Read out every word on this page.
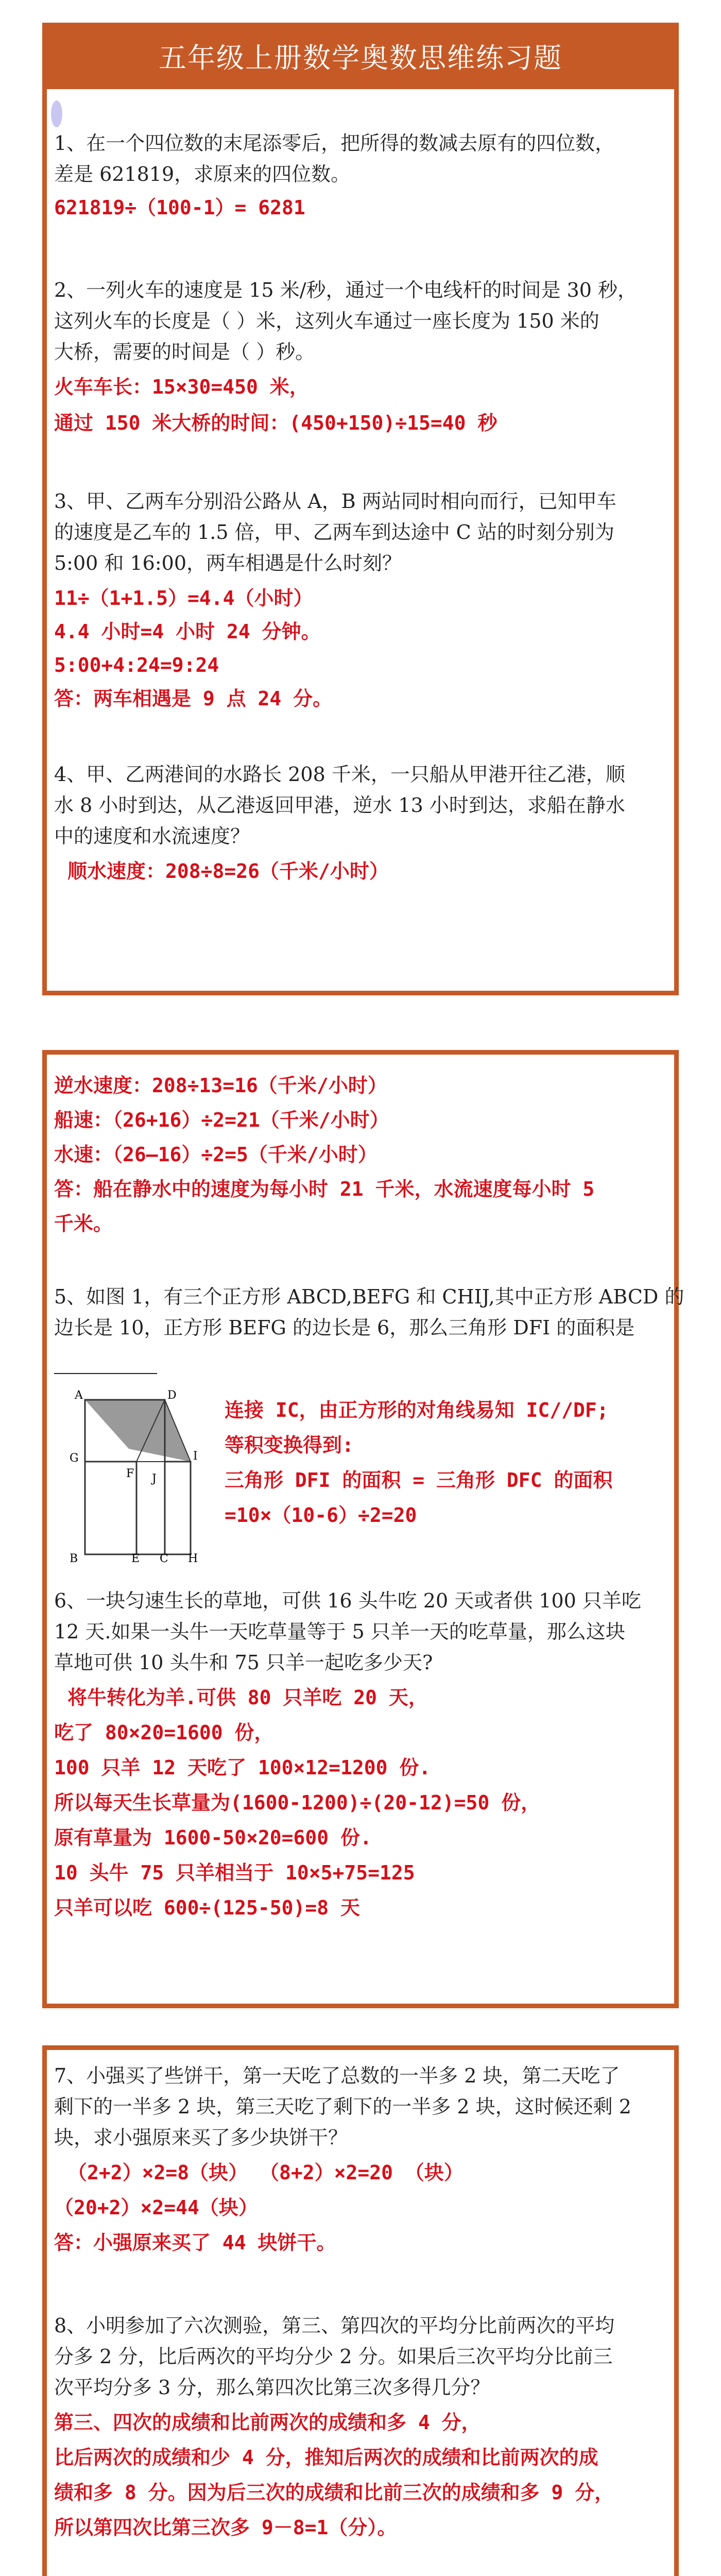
五年级上册数学奥数思维练习题
1、在一个四位数的末尾添零后，把所得的数减去原有的四位数，
差是 621819，求原来的四位数。
621819÷（100-1）= 6281
2、一列火车的速度是 15 米/秒，通过一个电线杆的时间是 30 秒，
这列火车的长度是（ ）米，这列火车通过一座长度为 150 米的
大桥，需要的时间是（ ）秒。
火车车长：15×30=450 米，
通过 150 米大桥的时间：(450+150)÷15=40 秒
3、甲、乙两车分别沿公路从 A，B 两站同时相向而行，已知甲车
的速度是乙车的 1.5 倍，甲、乙两车到达途中 C 站的时刻分别为
5:00 和 16:00，两车相遇是什么时刻？
11÷（1+1.5）=4.4（小时）
4.4 小时=4 小时 24 分钟。
5:00+4:24=9:24
答：两车相遇是 9 点 24 分。
4、甲、乙两港间的水路长 208 千米，一只船从甲港开往乙港，顺
水 8 小时到达，从乙港返回甲港，逆水 13 小时到达，求船在静水
中的速度和水流速度？
顺水速度：208÷8=26（千米/小时）
逆水速度：208÷13=16（千米/小时）
船速：（26+16）÷2=21（千米/小时）
水速：（26—16）÷2=5（千米/小时）
答：船在静水中的速度为每小时 21 千米，水流速度每小时 5
千米。
5、如图 1，有三个正方形 ABCD,BEFG 和 CHIJ,其中正方形 ABCD 的
边长是 10，正方形 BEFG 的边长是 6，那么三角形 DFI 的面积是
A	D
G
F J
I
B	E C H
连接 IC，由正方形的对角线易知 IC//DF;
等积变换得到:
三角形 DFI 的面积 = 三角形 DFC 的面积
=10×（10-6）÷2=20
6、一块匀速生长的草地，可供 16 头牛吃 20 天或者供 100 只羊吃
12 天.如果一头牛一天吃草量等于 5 只羊一天的吃草量，那么这块
草地可供 10 头牛和 75 只羊一起吃多少天?
将牛转化为羊.可供 80 只羊吃 20 天，
吃了 80×20=1600 份，
100 只羊 12 天吃了 100×12=1200 份.
所以每天生长草量为(1600-1200)÷(20-12)=50 份，
原有草量为 1600-50×20=600 份.
10 头牛 75 只羊相当于 10×5+75=125
只羊可以吃 600÷(125-50)=8 天
7、小强买了些饼干，第一天吃了总数的一半多 2 块，第二天吃了
剩下的一半多 2 块，第三天吃了剩下的一半多 2 块，这时候还剩 2
块，求小强原来买了多少块饼干？
（2+2）×2=8（块） （8+2）×2=20 （块）
（20+2）×2=44（块）
答：小强原来买了 44 块饼干。
8、小明参加了六次测验，第三、第四次的平均分比前两次的平均
分多 2 分，比后两次的平均分少 2 分。如果后三次平均分比前三
次平均分多 3 分，那么第四次比第三次多得几分？
第三、四次的成绩和比前两次的成绩和多 4 分，
比后两次的成绩和少 4 分，推知后两次的成绩和比前两次的成
绩和多 8 分。因为后三次的成绩和比前三次的成绩和多 9 分，
所以第四次比第三次多 9－8=1（分）。
